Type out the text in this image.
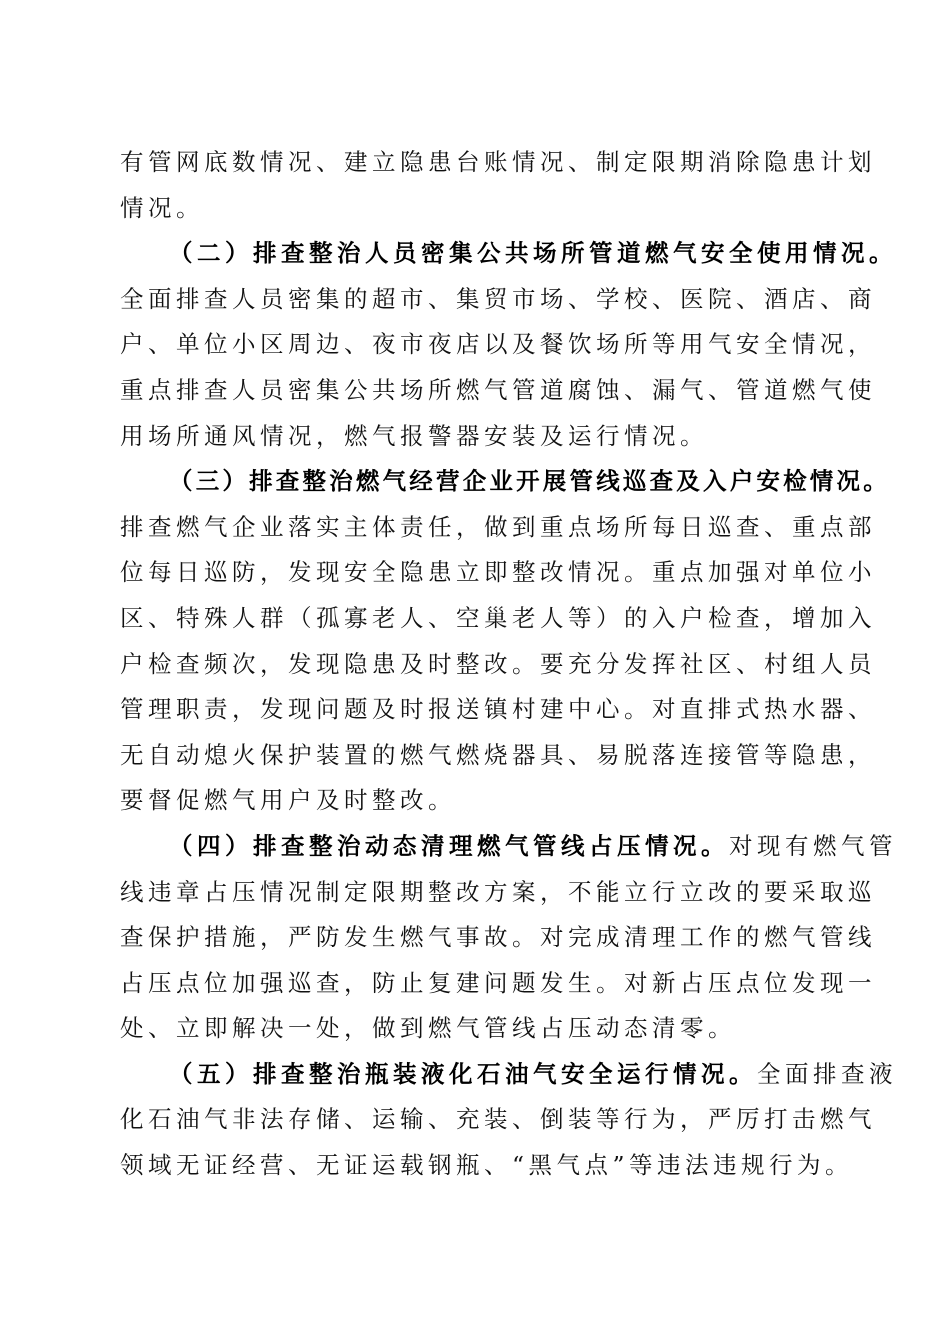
有管网底数情况、建立隐患台账情况、制定限期消除隐患计划
情况。
（二）排查整治人员密集公共场所管道燃气安全使用情况。
全面排查人员密集的超市、集贸市场、学校、医院、酒店、商
户、单位小区周边、夜市夜店以及餐饮场所等用气安全情况，
重点排查人员密集公共场所燃气管道腐蚀、漏气、管道燃气使
用场所通风情况，燃气报警器安装及运行情况。
（三）排查整治燃气经营企业开展管线巡查及入户安检情况。
排查燃气企业落实主体责任，做到重点场所每日巡查、重点部
位每日巡防，发现安全隐患立即整改情况。重点加强对单位小
区、特殊人群（孤寡老人、空巢老人等）的入户检查，增加入
户检查频次，发现隐患及时整改。要充分发挥社区、村组人员
管理职责，发现问题及时报送镇村建中心。对直排式热水器、
无自动熄火保护装置的燃气燃烧器具、易脱落连接管等隐患，
要督促燃气用户及时整改。
（四）排查整治动态清理燃气管线占压情况。对现有燃气管
线违章占压情况制定限期整改方案，不能立行立改的要采取巡
查保护措施，严防发生燃气事故。对完成清理工作的燃气管线
占压点位加强巡查，防止复建问题发生。对新占压点位发现一
处、立即解决一处，做到燃气管线占压动态清零。
（五）排查整治瓶装液化石油气安全运行情况。全面排查液
化石油气非法存储、运输、充装、倒装等行为，严厉打击燃气
领域无证经营、无证运载钢瓶、“黑气点”等违法违规行为。
